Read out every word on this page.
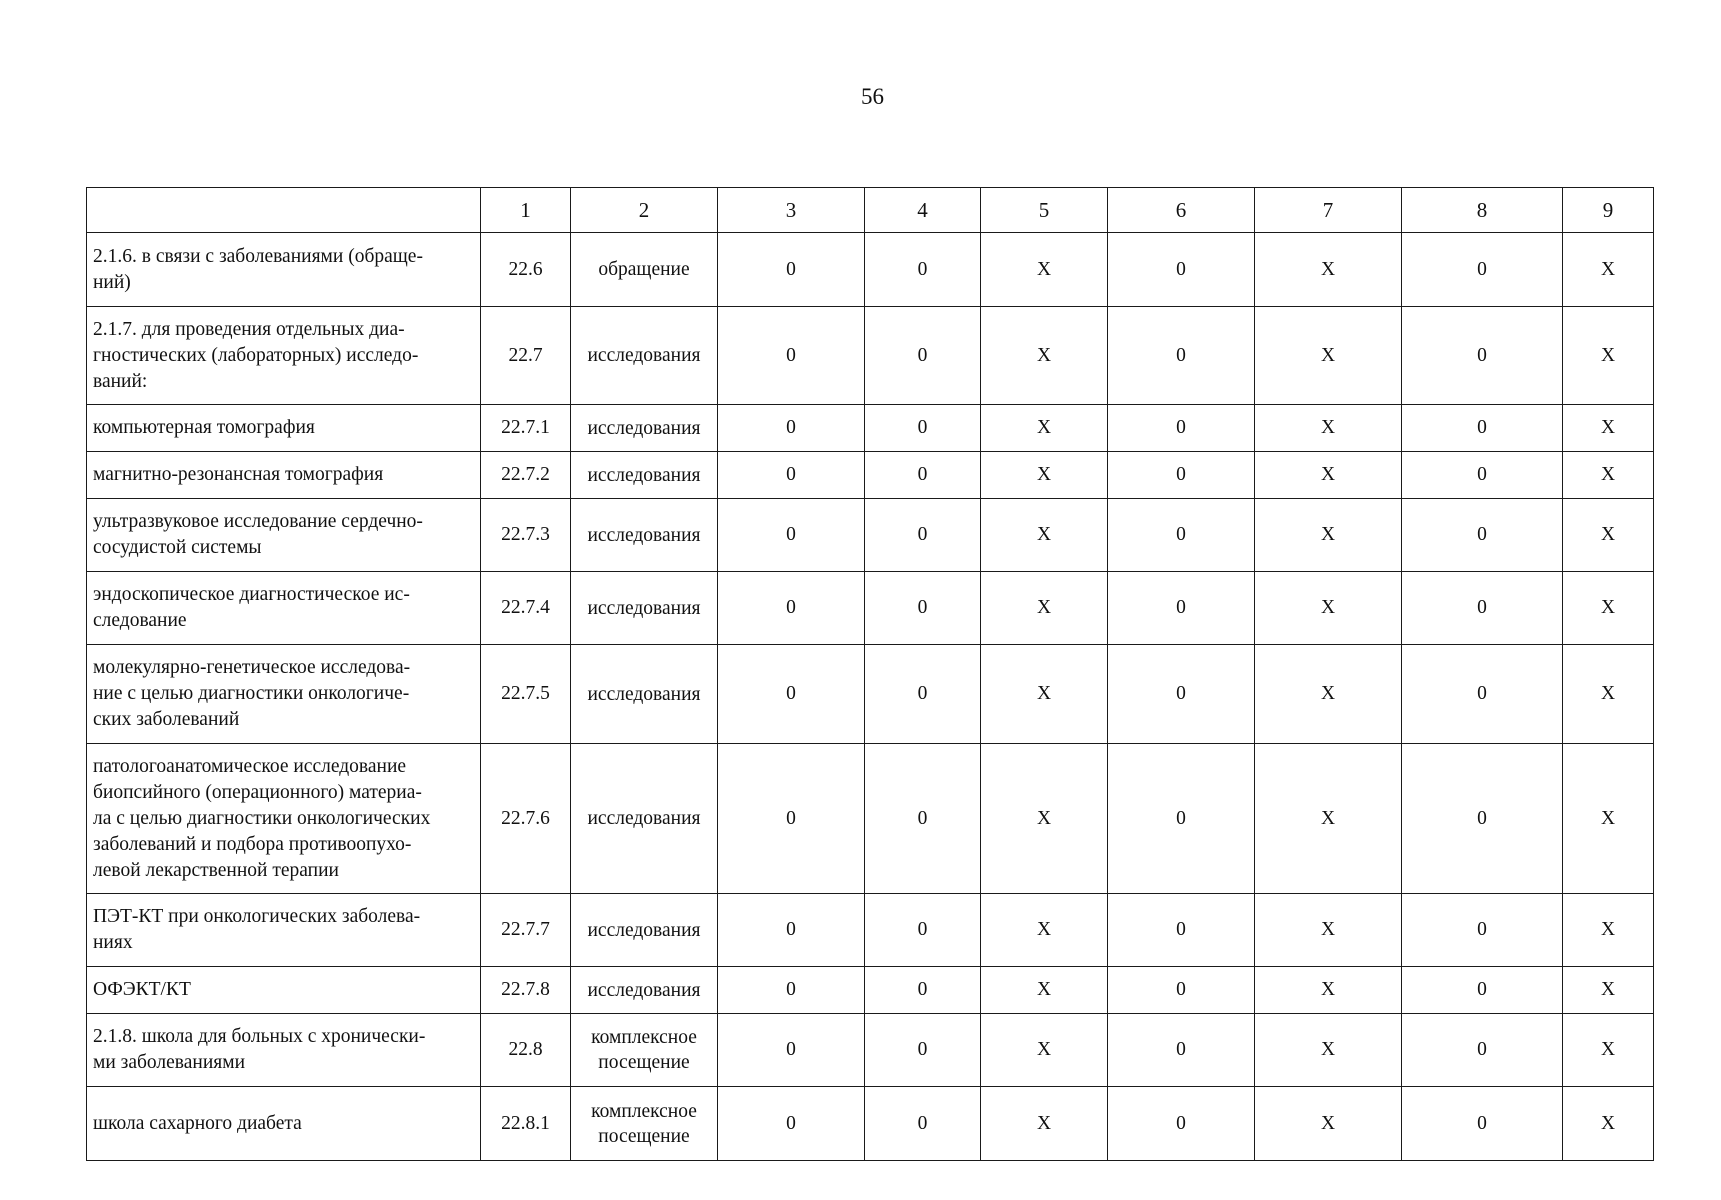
56
	1	2	3	4	5	6	7	8	9
2.1.6. в связи с заболеваниями (обраще-
ний)	22.6	обращение	0	0	X	0	X	0	X
2.1.7. для проведения отдельных диа-
гностических (лабораторных) исследо-
ваний:	22.7	исследования	0	0	X	0	X	0	X
компьютерная томография	22.7.1	исследования	0	0	X	0	X	0	X
магнитно-резонансная томография	22.7.2	исследования	0	0	X	0	X	0	X
ультразвуковое исследование сердечно-
сосудистой системы	22.7.3	исследования	0	0	X	0	X	0	X
эндоскопическое диагностическое ис-
следование	22.7.4	исследования	0	0	X	0	X	0	X
молекулярно-генетическое исследова-
ние с целью диагностики онкологиче-
ских заболеваний	22.7.5	исследования	0	0	X	0	X	0	X
патологоанатомическое исследование
биопсийного (операционного) материа-
ла с целью диагностики онкологических
заболеваний и подбора противоопухо-
левой лекарственной терапии	22.7.6	исследования	0	0	X	0	X	0	X
ПЭТ-КТ при онкологических заболева-
ниях	22.7.7	исследования	0	0	X	0	X	0	X
ОФЭКТ/КТ	22.7.8	исследования	0	0	X	0	X	0	X
2.1.8. школа для больных с хронически-
ми заболеваниями	22.8	комплексное
посещение	0	0	X	0	X	0	X
школа сахарного диабета	22.8.1	комплексное
посещение	0	0	X	0	X	0	X
